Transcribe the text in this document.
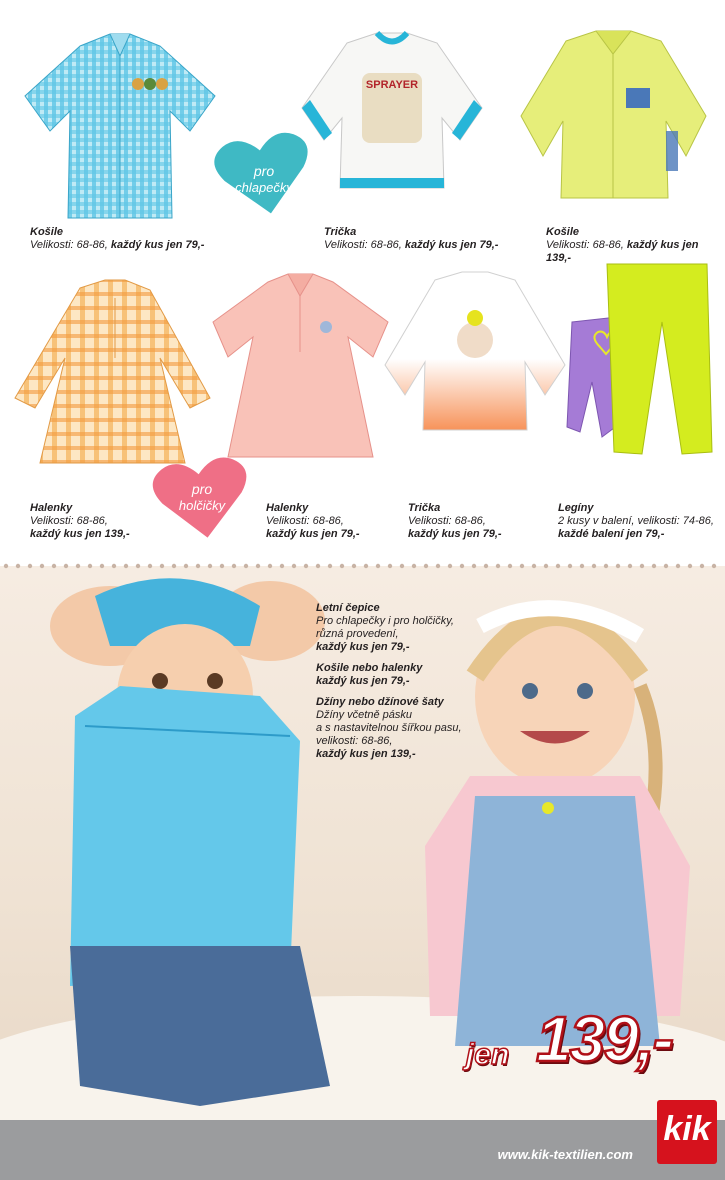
SPRAYER
pro
chlapečky
Košile
Velikosti: 68-86, každý kus jen 79,-
Trička
Velikosti: 68-86, každý kus jen 79,-
Košile
Velikosti: 68-86, každý kus jen 139,-
pro
holčičky
Halenky
Velikosti: 68-86,
každý kus jen 139,-
Halenky
Velikosti: 68-86,
každý kus jen 79,-
Trička
Velikosti: 68-86,
každý kus jen 79,-
Legíny
2 kusy v balení, velikosti: 74-86,
každé balení jen 79,-
Letní čepice
Pro chlapečky i pro holčičky,
různá provedení,
každý kus jen 79,-
Košile nebo halenky
každý kus jen 79,-
Džíny nebo džínové šaty
Džíny včetně pásku
a s nastavitelnou šířkou pasu,
velikosti: 68-86,
každý kus jen 139,-
jen 139,-
www.kik-textilien.com
kik
